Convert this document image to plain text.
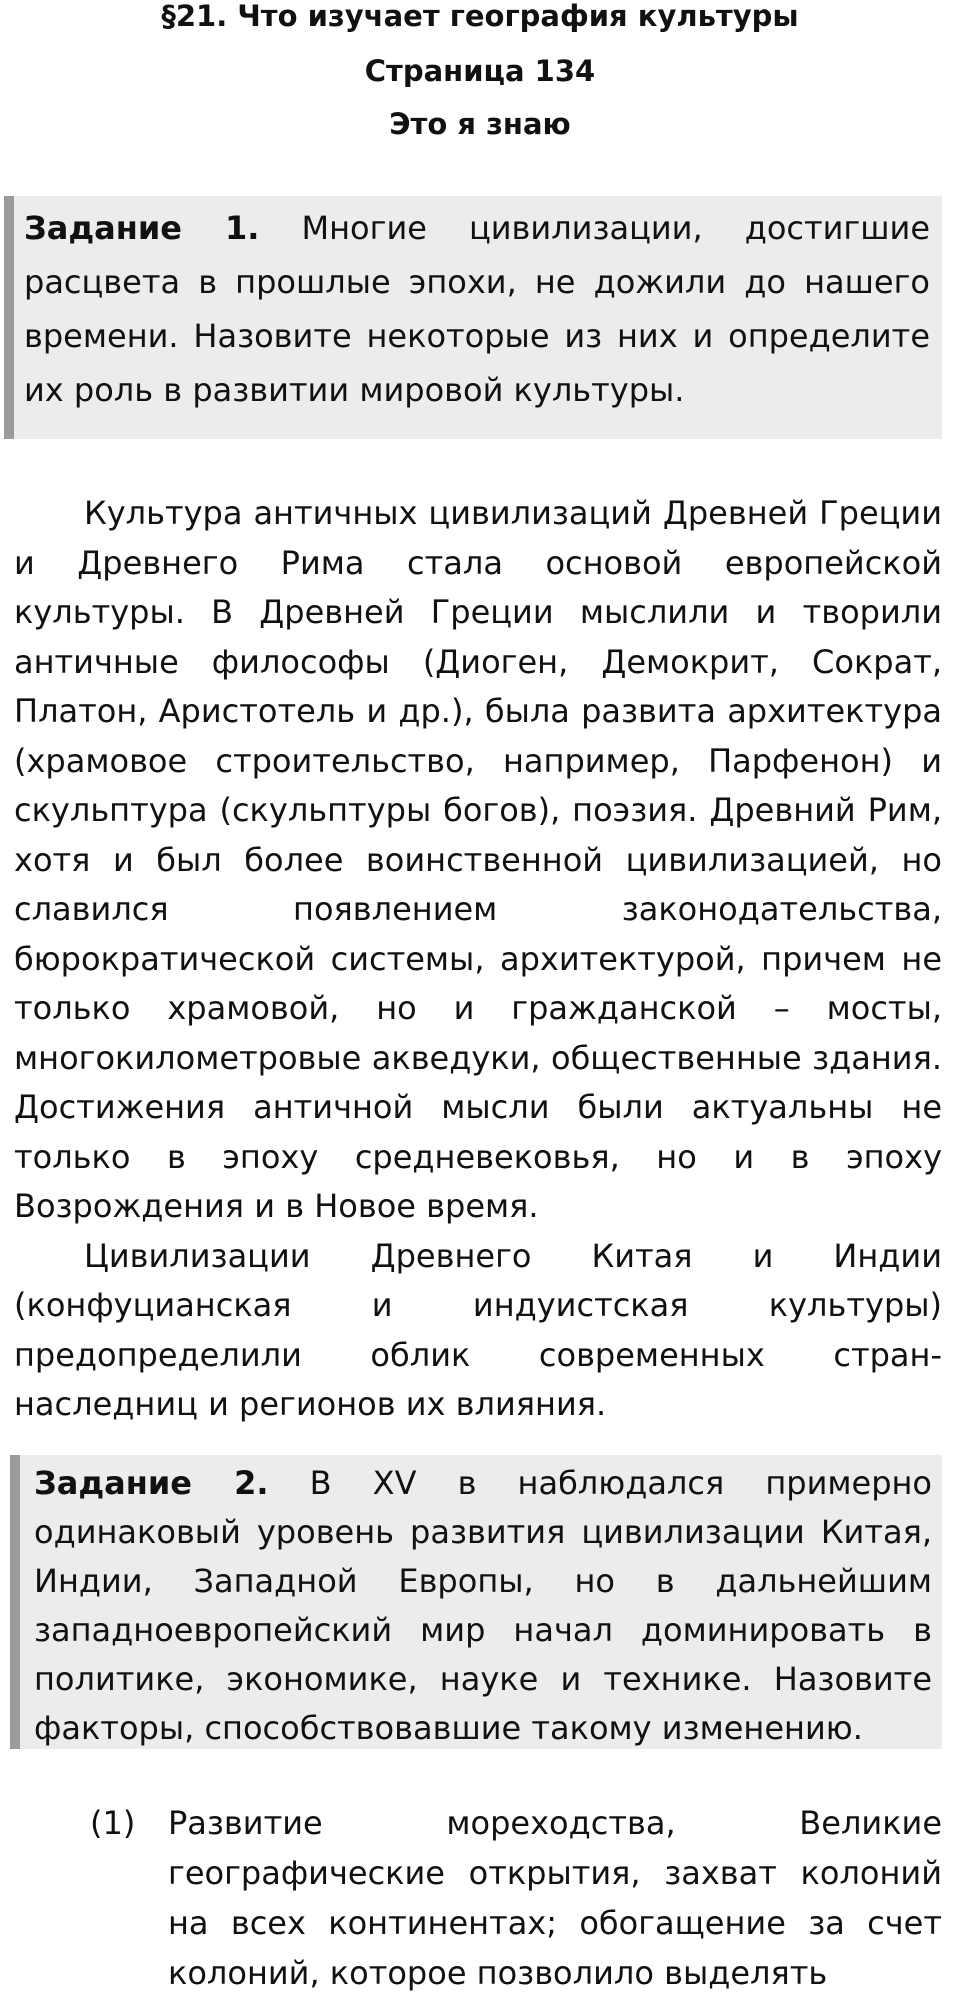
§21. Что изучает география культуры
Страница 134
Это я знаю
Задание 1. Многие цивилизации, достигшие расцвета в прошлые эпохи, не дожили до нашего времени. Назовите некоторые из них и определите их роль в развитии мировой культуры.

Культура античных цивилизаций Древней Греции и Древнего Рима стала основой европейской культуры. В Древней Греции мыслили и творили античные философы (Диоген, Демокрит, Сократ, Платон, Аристотель и др.), была развита архитектура (храмовое строительство, например, Парфенон) и скульптура (скульптуры богов), поэзия. Древний Рим, хотя и был более воинственной цивилизацией, но славился появлением законодательства, бюрократической системы, архитектурой, причем не только храмовой, но и гражданской – мосты, многокилометровые акведуки, общественные здания. Достижения античной мысли были актуальны не только в эпоху средневековья, но и в эпоху Возрождения и в Новое время.

Цивилизации Древнего Китая и Индии (конфуцианская и индуистская культуры) предопределили облик современных стран-наследниц и регионов их влияния.

Задание 2. В XV в наблюдался примерно одинаковый уровень развития цивилизации Китая, Индии, Западной Европы, но в дальнейшим западноевропейский мир начал доминировать в политике, экономике, науке и технике. Назовите факторы, способствовавшие такому изменению.
(1)	Развитие мореходства, Великие географические открытия, захват колоний на всех континентах; обогащение за счет колоний, которое позволило выделять
